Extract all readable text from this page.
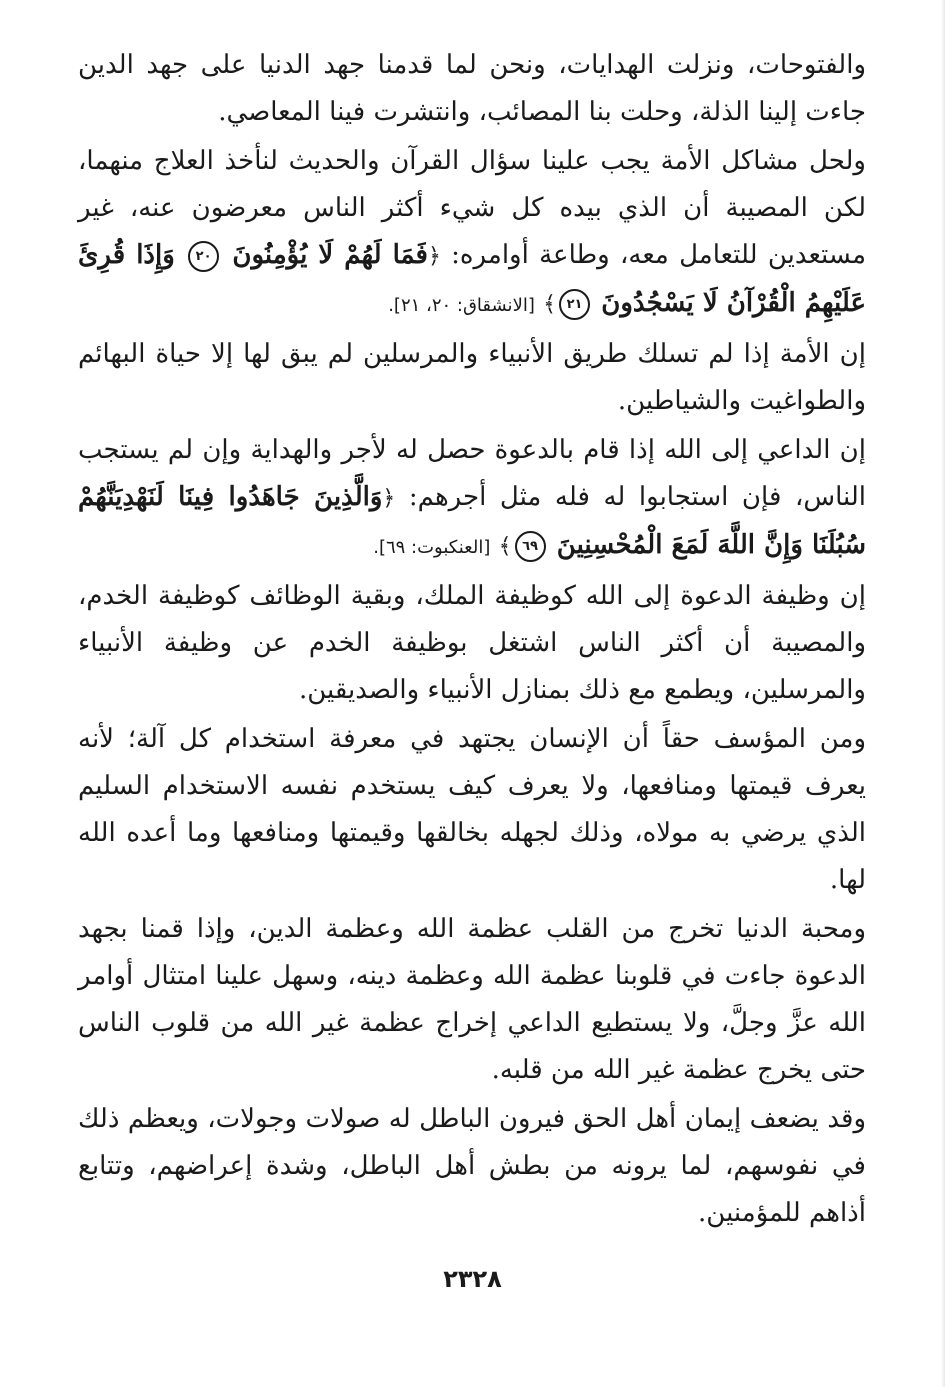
والفتوحات، ونزلت الهدايات، ونحن لما قدمنا جهد الدنيا على جهد الدين جاءت إلينا الذلة، وحلت بنا المصائب، وانتشرت فينا المعاصي.

ولحل مشاكل الأمة يجب علينا سؤال القرآن والحديث لنأخذ العلاج منهما، لكن المصيبة أن الذي بيده كل شيء أكثر الناس معرضون عنه، غير مستعدين للتعامل معه، وطاعة أوامره: ﴿فَمَا لَهُمْ لَا يُؤْمِنُونَ ٢٠ وَإِذَا قُرِئَ عَلَيْهِمُ الْقُرْآنُ لَا يَسْجُدُونَ ٢١﴾ [الانشقاق: ٢٠، ٢١].

إن الأمة إذا لم تسلك طريق الأنبياء والمرسلين لم يبق لها إلا حياة البهائم والطواغيت والشياطين.

إن الداعي إلى الله إذا قام بالدعوة حصل له لأجر والهداية وإن لم يستجب الناس، فإن استجابوا له فله مثل أجرهم: ﴿وَالَّذِينَ جَاهَدُوا فِينَا لَنَهْدِيَنَّهُمْ سُبُلَنَا وَإِنَّ اللَّهَ لَمَعَ الْمُحْسِنِينَ ٦٩﴾ [العنكبوت: ٦٩].

إن وظيفة الدعوة إلى الله كوظيفة الملك، وبقية الوظائف كوظيفة الخدم، والمصيبة أن أكثر الناس اشتغل بوظيفة الخدم عن وظيفة الأنبياء والمرسلين، ويطمع مع ذلك بمنازل الأنبياء والصديقين.

ومن المؤسف حقاً أن الإنسان يجتهد في معرفة استخدام كل آلة؛ لأنه يعرف قيمتها ومنافعها، ولا يعرف كيف يستخدم نفسه الاستخدام السليم الذي يرضي به مولاه، وذلك لجهله بخالقها وقيمتها ومنافعها وما أعده الله لها.

ومحبة الدنيا تخرج من القلب عظمة الله وعظمة الدين، وإذا قمنا بجهد الدعوة جاءت في قلوبنا عظمة الله وعظمة دينه، وسهل علينا امتثال أوامر الله عزَّ وجلَّ، ولا يستطيع الداعي إخراج عظمة غير الله من قلوب الناس حتى يخرج عظمة غير الله من قلبه.

وقد يضعف إيمان أهل الحق فيرون الباطل له صولات وجولات، ويعظم ذلك في نفوسهم، لما يرونه من بطش أهل الباطل، وشدة إعراضهم، وتتابع أذاهم للمؤمنين.

٢٣٢٨
